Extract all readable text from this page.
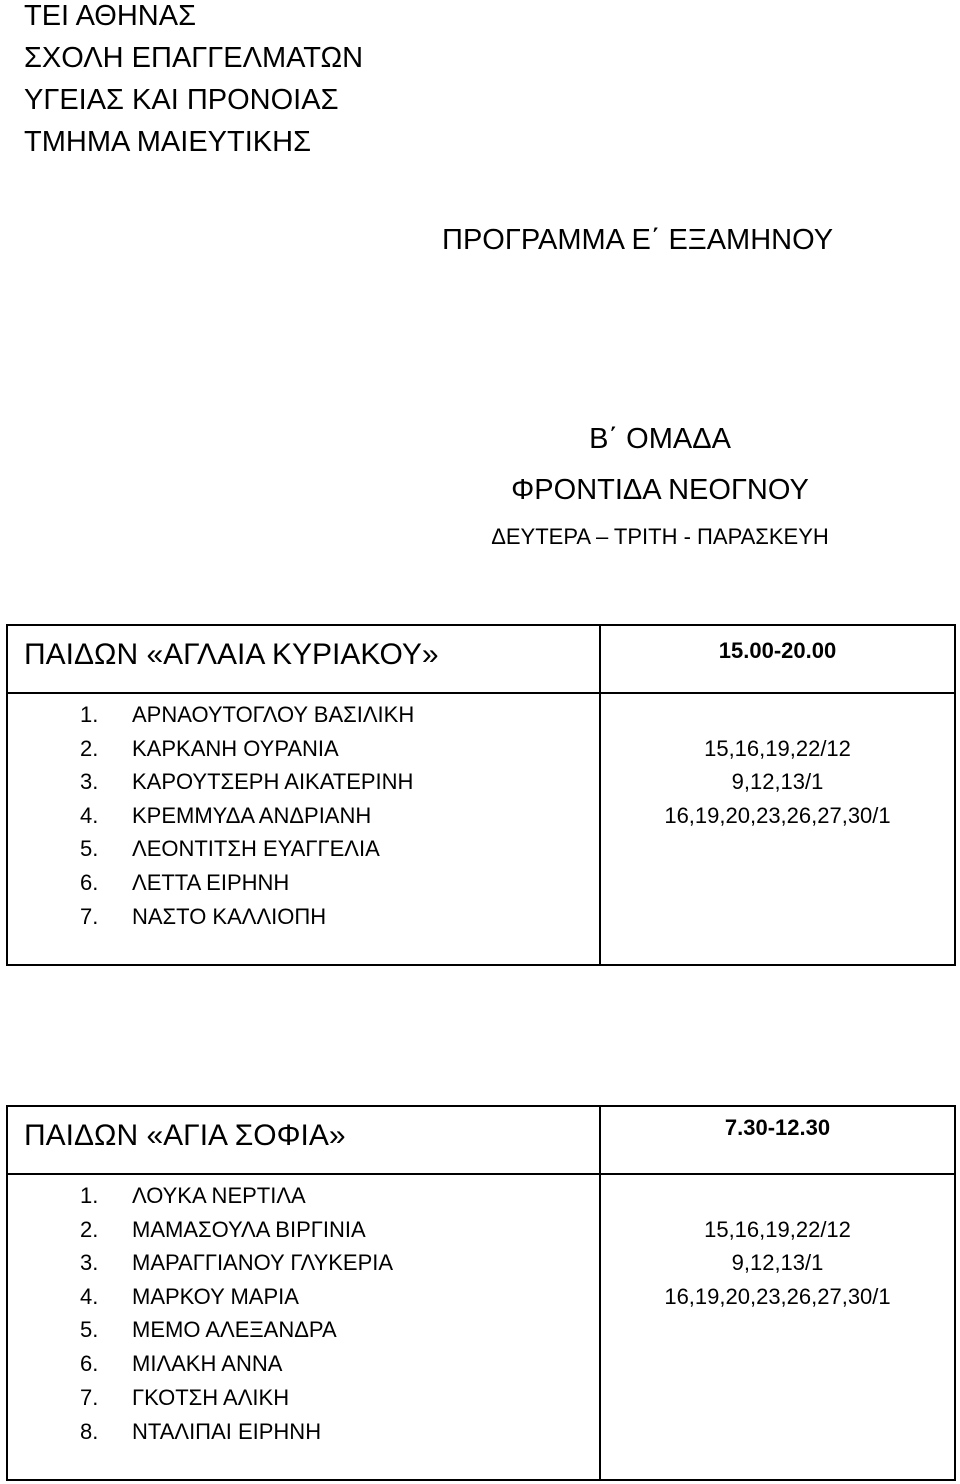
ΤΕΙ ΑΘΗΝΑΣ
ΣΧΟΛΗ ΕΠΑΓΓΕΛΜΑΤΩΝ
ΥΓΕΙΑΣ ΚΑΙ ΠΡΟΝΟΙΑΣ
ΤΜΗΜΑ ΜΑΙΕΥΤΙΚΗΣ
ΠΡΟΓΡΑΜΜΑ Ε΄ ΕΞΑΜΗΝΟΥ
Β΄ ΟΜΑΔΑ
ΦΡΟΝΤΙΔΑ ΝΕΟΓΝΟΥ
ΔΕΥΤΕΡΑ – ΤΡΙΤΗ - ΠΑΡΑΣΚΕΥΗ
ΠΑΙΔΩΝ «ΑΓΛΑΙΑ ΚΥΡΙΑΚΟΥ»	15.00-20.00
1. ΑΡΝΑΟΥΤΟΓΛΟΥ ΒΑΣΙΛΙΚΗ
2. ΚΑΡΚΑΝΗ ΟΥΡΑΝΙΑ
3. ΚΑΡΟΥΤΣΕΡΗ ΑΙΚΑΤΕΡΙΝΗ
4. ΚΡΕΜΜΥΔΑ ΑΝΔΡΙΑΝΗ
5. ΛΕΟΝΤΙΤΣΗ ΕΥΑΓΓΕΛΙΑ
6. ΛΕΤΤΑ ΕΙΡΗΝΗ
7. ΝΑΣΤΟ ΚΑΛΛΙΟΠΗ
15,16,19,22/12
9,12,13/1
16,19,20,23,26,27,30/1
ΠΑΙΔΩΝ «ΑΓΙΑ ΣΟΦΙΑ»	7.30-12.30
1. ΛΟΥΚΑ ΝΕΡΤΙΛΑ
2. ΜΑΜΑΣΟΥΛΑ ΒΙΡΓΙΝΙΑ
3. ΜΑΡΑΓΓΙΑΝΟΥ ΓΛΥΚΕΡΙΑ
4. ΜΑΡΚΟΥ ΜΑΡΙΑ
5. ΜΕΜΟ ΑΛΕΞΑΝΔΡΑ
6. ΜΙΛΑΚΗ ΑΝΝΑ
7. ΓΚΟΤΣΗ ΑΛΙΚΗ
8. ΝΤΑΛΙΠΑΙ ΕΙΡΗΝΗ
15,16,19,22/12
9,12,13/1
16,19,20,23,26,27,30/1
